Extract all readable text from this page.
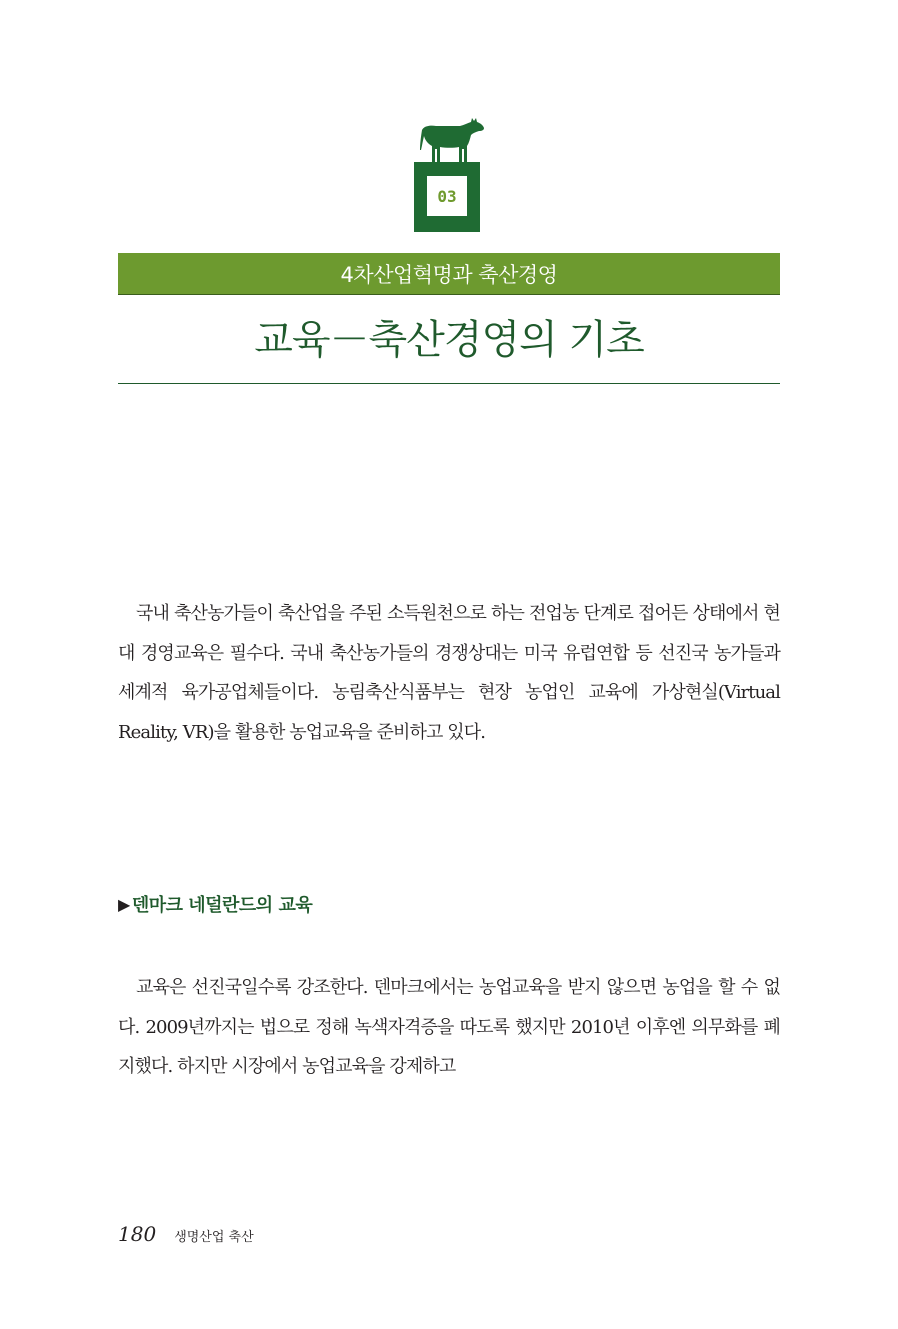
03
4차산업혁명과 축산경영
교육－축산경영의 기초

국내 축산농가들이 축산업을 주된 소득원천으로 하는 전업농 단계로 접어든 상태에서 현대 경영교육은 필수다. 국내 축산농가들의 경쟁상대는 미국 유럽연합 등 선진국 농가들과 세계적 육가공업체들이다. 농림축산식품부는 현장 농업인 교육에 가상현실(Virtual Reality, VR)을 활용한 농업교육을 준비하고 있다.

▶ 덴마크 네덜란드의 교육

교육은 선진국일수록 강조한다. 덴마크에서는 농업교육을 받지 않으면 농업을 할 수 없다. 2009년까지는 법으로 정해 녹색자격증을 따도록 했지만 2010년 이후엔 의무화를 폐지했다. 하지만 시장에서 농업교육을 강제하고

180 생명산업 축산
